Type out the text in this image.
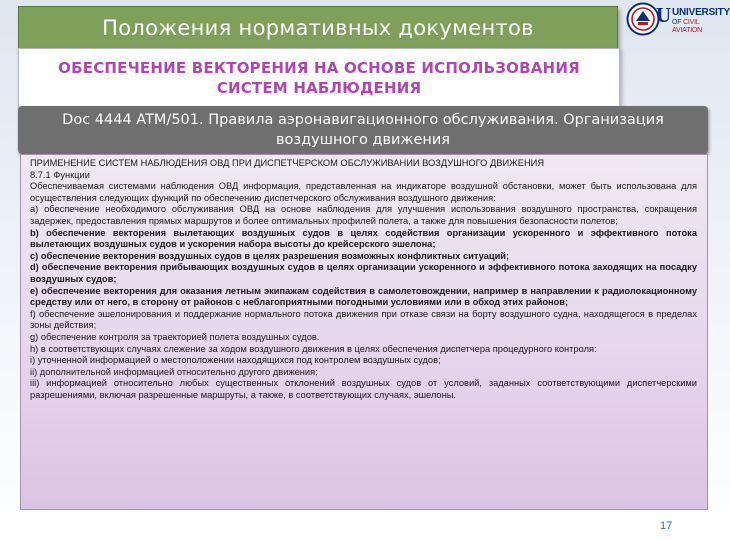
Положения нормативных документов
U UNIVERSITY
OF CIVIL AVIATION
ОБЕСПЕЧЕНИЕ ВЕКТОРЕНИЯ НА ОСНОВЕ ИСПОЛЬЗОВАНИЯ СИСТЕМ НАБЛЮДЕНИЯ
Doc 4444 ATM/501. Правила аэронавигационного обслуживания. Организация воздушного движения

ПРИМЕНЕНИЕ СИСТЕМ НАБЛЮДЕНИЯ ОВД ПРИ ДИСПЕТЧЕРСКОМ ОБСЛУЖИВАНИИ ВОЗДУШНОГО ДВИЖЕНИЯ

8.7.1 Функции

Обеспечиваемая системами наблюдения ОВД информация, представленная на индикаторе воздушной обстановки, может быть использована для осуществления следующих функций по обеспечению диспетчерского обслуживания воздушного движения:

а) обеспечение необходимого обслуживания ОВД на основе наблюдения для улучшения использования воздушного пространства, сокращения задержек, предоставления прямых маршрутов и более оптимальных профилей полета, а также для повышения безопасности полетов;

b) обеспечение векторения вылетающих воздушных судов в целях содействия организации ускоренного и эффективного потока вылетающих воздушных судов и ускорения набора высоты до крейсерского эшелона;

c) обеспечение векторения воздушных судов в целях разрешения возможных конфликтных ситуаций;

d) обеспечение векторения прибывающих воздушных судов в целях организации ускоренного и эффективного потока заходящих на посадку воздушных судов;

e) обеспечение векторения для оказания летным экипажам содействия в самолетовождении, например в направлении к радиолокационному средству или от него, в сторону от районов с неблагоприятными погодными условиями или в обход этих районов;

f) обеспечение эшелонирования и поддержание нормального потока движения при отказе связи на борту воздушного судна, находящегося в пределах зоны действия;

g) обеспечение контроля за траекторией полета воздушных судов.

h) в соответствующих случаях слежение за ходом воздушного движения в целях обеспечения диспетчера процедурного контроля:

i) уточненной информацией о местоположении находящихся под контролем воздушных судов;

ii) дополнительной информацией относительно другого движения;

iii) информацией относительно любых существенных отклонений воздушных судов от условий, заданных соответствующими диспетчерскими разрешениями, включая разрешенные маршруты, а также, в соответствующих случаях, эшелоны.

17
